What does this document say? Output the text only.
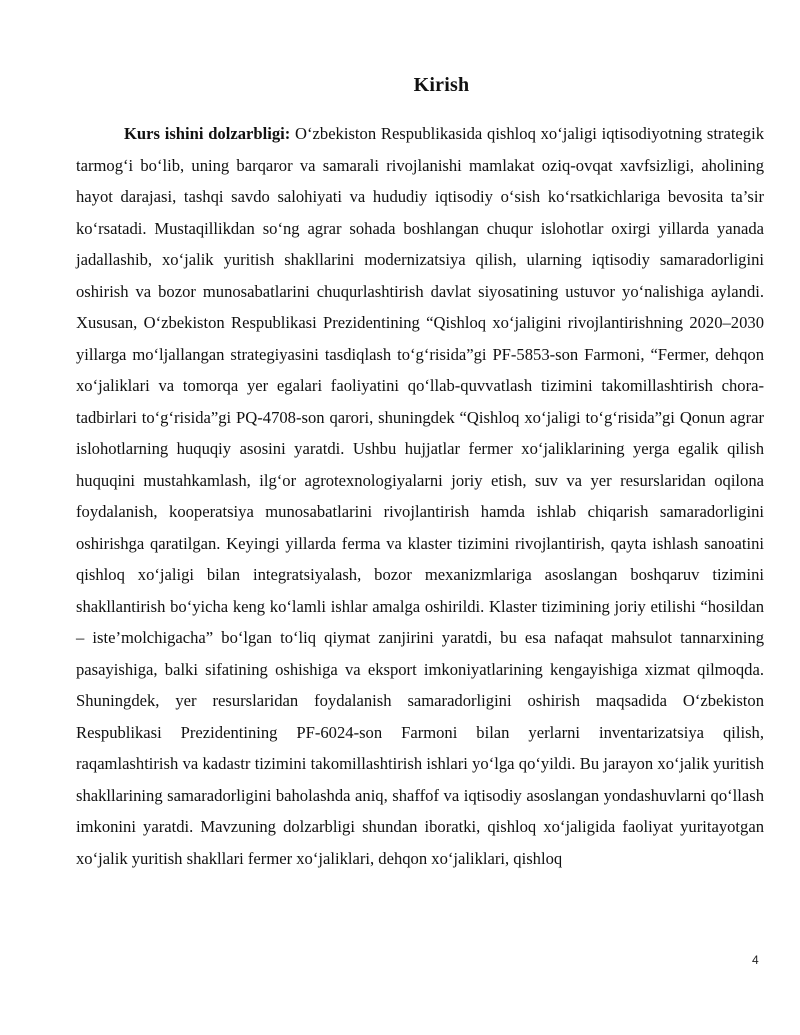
Kirish

Kurs ishini dolzarbligi: O‘zbekiston Respublikasida qishloq xo‘jaligi iqtisodiyotning strategik tarmog‘i bo‘lib, uning barqaror va samarali rivojlanishi mamlakat oziq-ovqat xavfsizligi, aholining hayot darajasi, tashqi savdo salohiyati va hududiy iqtisodiy o‘sish ko‘rsatkichlariga bevosita ta’sir ko‘rsatadi. Mustaqillikdan so‘ng agrar sohada boshlangan chuqur islohotlar oxirgi yillarda yanada jadallashib, xo‘jalik yuritish shakllarini modernizatsiya qilish, ularning iqtisodiy samaradorligini oshirish va bozor munosabatlarini chuqurlashtirish davlat siyosatining ustuvor yo‘nalishiga aylandi. Xususan, O‘zbekiston Respublikasi Prezidentining “Qishloq xo‘jaligini rivojlantirishning 2020–2030 yillarga mo‘ljallangan strategiyasini tasdiqlash to‘g‘risida”gi PF-5853-son Farmoni, “Fermer, dehqon xo‘jaliklari va tomorqa yer egalari faoliyatini qo‘llab-quvvatlash tizimini takomillashtirish chora-tadbirlari to‘g‘risida”gi PQ-4708-son qarori, shuningdek “Qishloq xo‘jaligi to‘g‘risida”gi Qonun agrar islohotlarning huquqiy asosini yaratdi. Ushbu hujjatlar fermer xo‘jaliklarining yerga egalik qilish huquqini mustahkamlash, ilg‘or agrotexnologiyalarni joriy etish, suv va yer resurslaridan oqilona foydalanish, kooperatsiya munosabatlarini rivojlantirish hamda ishlab chiqarish samaradorligini oshirishga qaratilgan. Keyingi yillarda ferma va klaster tizimini rivojlantirish, qayta ishlash sanoatini qishloq xo‘jaligi bilan integratsiyalash, bozor mexanizmlariga asoslangan boshqaruv tizimini shakllantirish bo‘yicha keng ko‘lamli ishlar amalga oshirildi. Klaster tizimining joriy etilishi “hosildan – iste’molchigacha” bo‘lgan to‘liq qiymat zanjirini yaratdi, bu esa nafaqat mahsulot tannarxining pasayishiga, balki sifatining oshishiga va eksport imkoniyatlarining kengayishiga xizmat qilmoqda. Shuningdek, yer resurslaridan foydalanish samaradorligini oshirish maqsadida O‘zbekiston Respublikasi Prezidentining PF-6024-son Farmoni bilan yerlarni inventarizatsiya qilish, raqamlashtirish va kadastr tizimini takomillashtirish ishlari yo‘lga qo‘yildi. Bu jarayon xo‘jalik yuritish shakllarining samaradorligini baholashda aniq, shaffof va iqtisodiy asoslangan yondashuvlarni qo‘llash imkonini yaratdi. Mavzuning dolzarbligi shundan iboratki, qishloq xo‘jaligida faoliyat yuritayotgan xo‘jalik yuritish shakllari fermer xo‘jaliklari, dehqon xo‘jaliklari, qishloq

4
